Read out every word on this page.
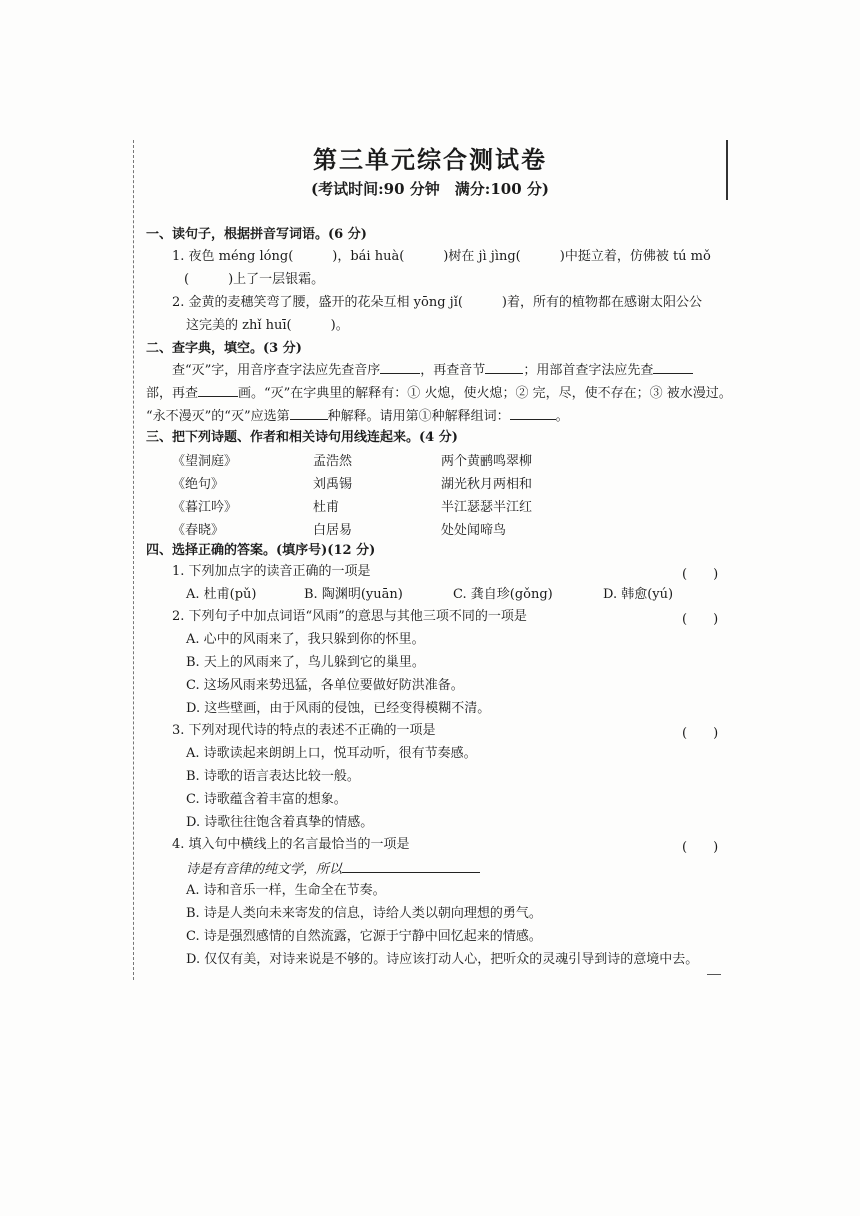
第三单元综合测试卷
(考试时间:90 分钟　满分:100 分)
一、读句子，根据拼音写词语。(6 分)
1. 夜色 méng lóng(　　　)，bái huà(　　　)树在 jì jìng(　　　)中挺立着，仿佛被 tú mǒ
(　　　)上了一层银霜。
2. 金黄的麦穗笑弯了腰，盛开的花朵互相 yōng jǐ(　　　)着，所有的植物都在感谢太阳公公
这完美的 zhǐ huī(　　　)。
二、查字典，填空。(3 分)
查“灭”字，用音序查字法应先查音序	，再查音节	；用部首查字法应先查
部，再查	画。“灭”在字典里的解释有：① 火熄，使火熄；② 完，尽，使不存在；③ 被水漫过。
“永不漫灭”的“灭”应选第	种解释。请用第①种解释组词：	。
三、把下列诗题、作者和相关诗句用线连起来。(4 分)
《望洞庭》	孟浩然	两个黄鹂鸣翠柳
《绝句》	刘禹锡	湖光秋月两相和
《暮江吟》	杜甫	半江瑟瑟半江红
《春晓》	白居易	处处闻啼鸟
四、选择正确的答案。(填序号)(12 分)
1. 下列加点字的读音正确的一项是	(　　)
A. 杜甫(pǔ)	B. 陶渊明(yuān)	C. 龚自珍(gǒng)	D. 韩愈(yú)
2. 下列句子中加点词语“风雨”的意思与其他三项不同的一项是	(　　)
A. 心中的风雨来了，我只躲到你的怀里。
B. 天上的风雨来了，鸟儿躲到它的巢里。
C. 这场风雨来势迅猛，各单位要做好防洪准备。
D. 这些壁画，由于风雨的侵蚀，已经变得模糊不清。
3. 下列对现代诗的特点的表述不正确的一项是	(　　)
A. 诗歌读起来朗朗上口，悦耳动听，很有节奏感。
B. 诗歌的语言表达比较一般。
C. 诗歌蕴含着丰富的想象。
D. 诗歌往往饱含着真挚的情感。
4. 填入句中横线上的名言最恰当的一项是	(　　)
诗是有音律的纯文学，所以
A. 诗和音乐一样，生命全在节奏。
B. 诗是人类向未来寄发的信息，诗给人类以朝向理想的勇气。
C. 诗是强烈感情的自然流露，它源于宁静中回忆起来的情感。
D. 仅仅有美，对诗来说是不够的。诗应该打动人心，把听众的灵魂引导到诗的意境中去。
